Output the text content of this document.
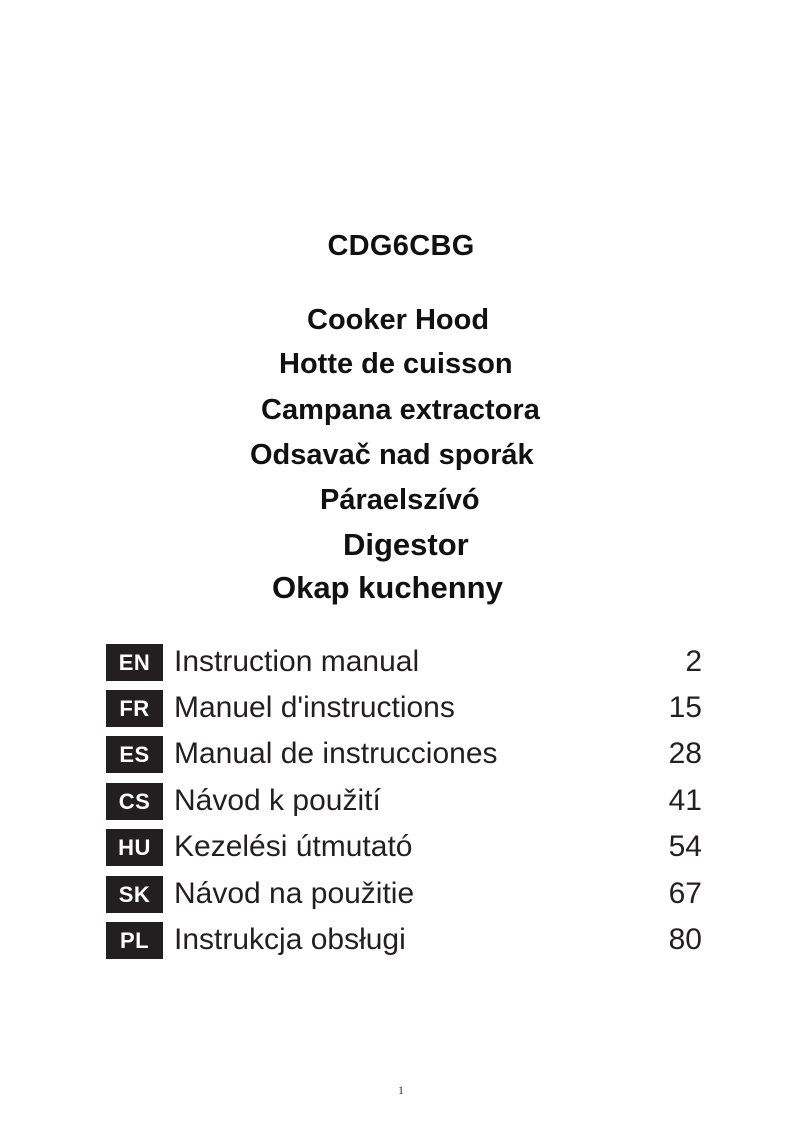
CDG6CBG
Cooker Hood
Hotte de cuisson
Campana extractora
Odsavač nad sporák
Páraelszívó
Digestor
Okap kuchenny
EN Instruction manual	2
FR Manuel d'instructions	15
ES Manual de instrucciones	28
CS Návod k použití	41
HU Kezelési útmutató	54
SK Návod na použitie	67
PL Instrukcja obsługi	80
1
